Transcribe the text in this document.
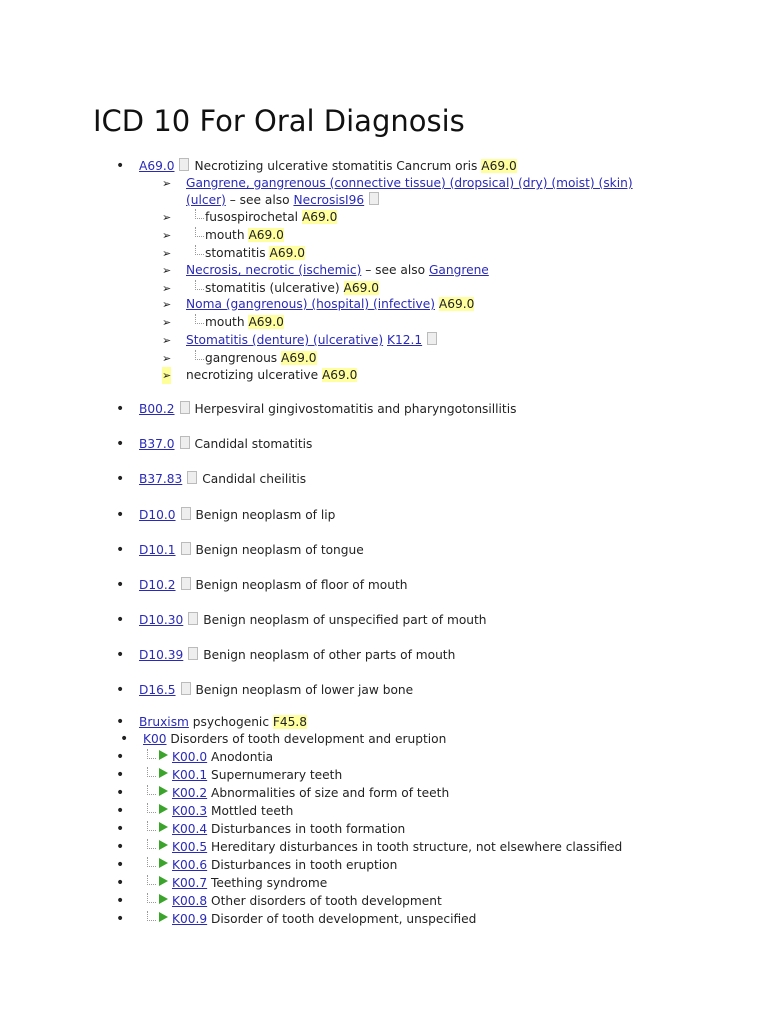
ICD 10 For Oral Diagnosis
• A69.0 Necrotizing ulcerative stomatitis Cancrum oris A69.0
➢ Gangrene, gangrenous (connective tissue) (dropsical) (dry) (moist) (skin)
(ulcer) – see also NecrosisI96
➢	fusospirochetal A69.0
➢	mouth A69.0
➢	stomatitis A69.0
➢ Necrosis, necrotic (ischemic) – see also Gangrene
➢	stomatitis (ulcerative) A69.0
➢ Noma (gangrenous) (hospital) (infective) A69.0
➢	mouth A69.0
➢ Stomatitis (denture) (ulcerative) K12.1
➢	gangrenous A69.0
➢ necrotizing ulcerative A69.0
• B00.2 Herpesviral gingivostomatitis and pharyngotonsillitis
• B37.0 Candidal stomatitis
• B37.83 Candidal cheilitis
• D10.0 Benign neoplasm of lip
• D10.1 Benign neoplasm of tongue
• D10.2 Benign neoplasm of floor of mouth
• D10.30 Benign neoplasm of unspecified part of mouth
• D10.39 Benign neoplasm of other parts of mouth
• D16.5 Benign neoplasm of lower jaw bone
• Bruxism psychogenic F45.8
• K00 Disorders of tooth development and eruption
•	K00.0 Anodontia
•	K00.1 Supernumerary teeth
•	K00.2 Abnormalities of size and form of teeth
•	K00.3 Mottled teeth
•	K00.4 Disturbances in tooth formation
•	K00.5 Hereditary disturbances in tooth structure, not elsewhere classified
•	K00.6 Disturbances in tooth eruption
•	K00.7 Teething syndrome
•	K00.8 Other disorders of tooth development
•	K00.9 Disorder of tooth development, unspecified
